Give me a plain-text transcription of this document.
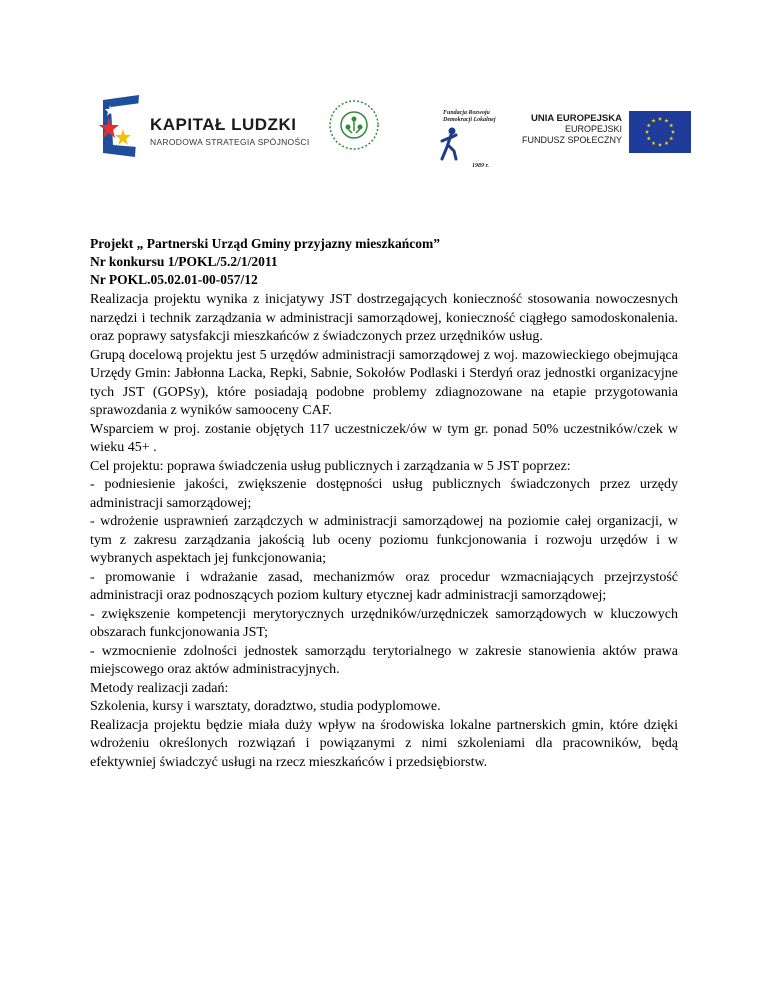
KAPITAŁ LUDZKI
NARODOWA STRATEGIA SPÓJNOŚCI
Fundacja Rozwoju
Demokracji Lokalnej
1989 r.
UNIA EUROPEJSKA
EUROPEJSKI
FUNDUSZ SPOŁECZNY
Projekt „ Partnerski Urząd Gminy przyjazny mieszkańcom”
Nr konkursu 1/POKL/5.2/1/2011
Nr POKL.05.02.01-00-057/12

Realizacja projektu wynika z inicjatywy JST dostrzegających konieczność stosowania nowoczesnych narzędzi i technik zarządzania w administracji samorządowej, konieczność ciągłego samodoskonalenia. oraz poprawy satysfakcji mieszkańców z świadczonych przez urzędników usług.

Grupą docelową projektu jest 5 urzędów administracji samorządowej z woj. mazowieckiego obejmująca Urzędy Gmin: Jabłonna Lacka, Repki, Sabnie, Sokołów Podlaski i Sterdyń oraz jednostki organizacyjne tych JST (GOPSy), które posiadają podobne problemy zdiagnozowane na etapie przygotowania sprawozdania z wyników samooceny CAF.

Wsparciem w proj. zostanie objętych 117 uczestniczek/ów w tym gr. ponad 50% uczestników/czek w wieku 45+ .

Cel projektu: poprawa świadczenia usług publicznych i zarządzania w 5 JST poprzez:

- podniesienie jakości, zwiększenie dostępności usług publicznych świadczonych przez urzędy administracji samorządowej;

- wdrożenie usprawnień zarządczych w administracji samorządowej na poziomie całej organizacji, w tym z zakresu zarządzania jakością lub oceny poziomu funkcjonowania i rozwoju urzędów i w wybranych aspektach jej funkcjonowania;

- promowanie i wdrażanie zasad, mechanizmów oraz procedur wzmacniających przejrzystość administracji oraz podnoszących poziom kultury etycznej kadr administracji samorządowej;

- zwiększenie kompetencji merytorycznych urzędników/urzędniczek samorządowych w kluczowych obszarach funkcjonowania JST;

- wzmocnienie zdolności jednostek samorządu terytorialnego w zakresie stanowienia aktów prawa miejscowego oraz aktów administracyjnych.

Metody realizacji zadań:

Szkolenia, kursy i warsztaty, doradztwo, studia podyplomowe.

Realizacja projektu będzie miała duży wpływ na środowiska lokalne partnerskich gmin, które dzięki wdrożeniu określonych rozwiązań i powiązanymi z nimi szkoleniami dla pracowników, będą efektywniej świadczyć usługi na rzecz mieszkańców i przedsiębiorstw.
